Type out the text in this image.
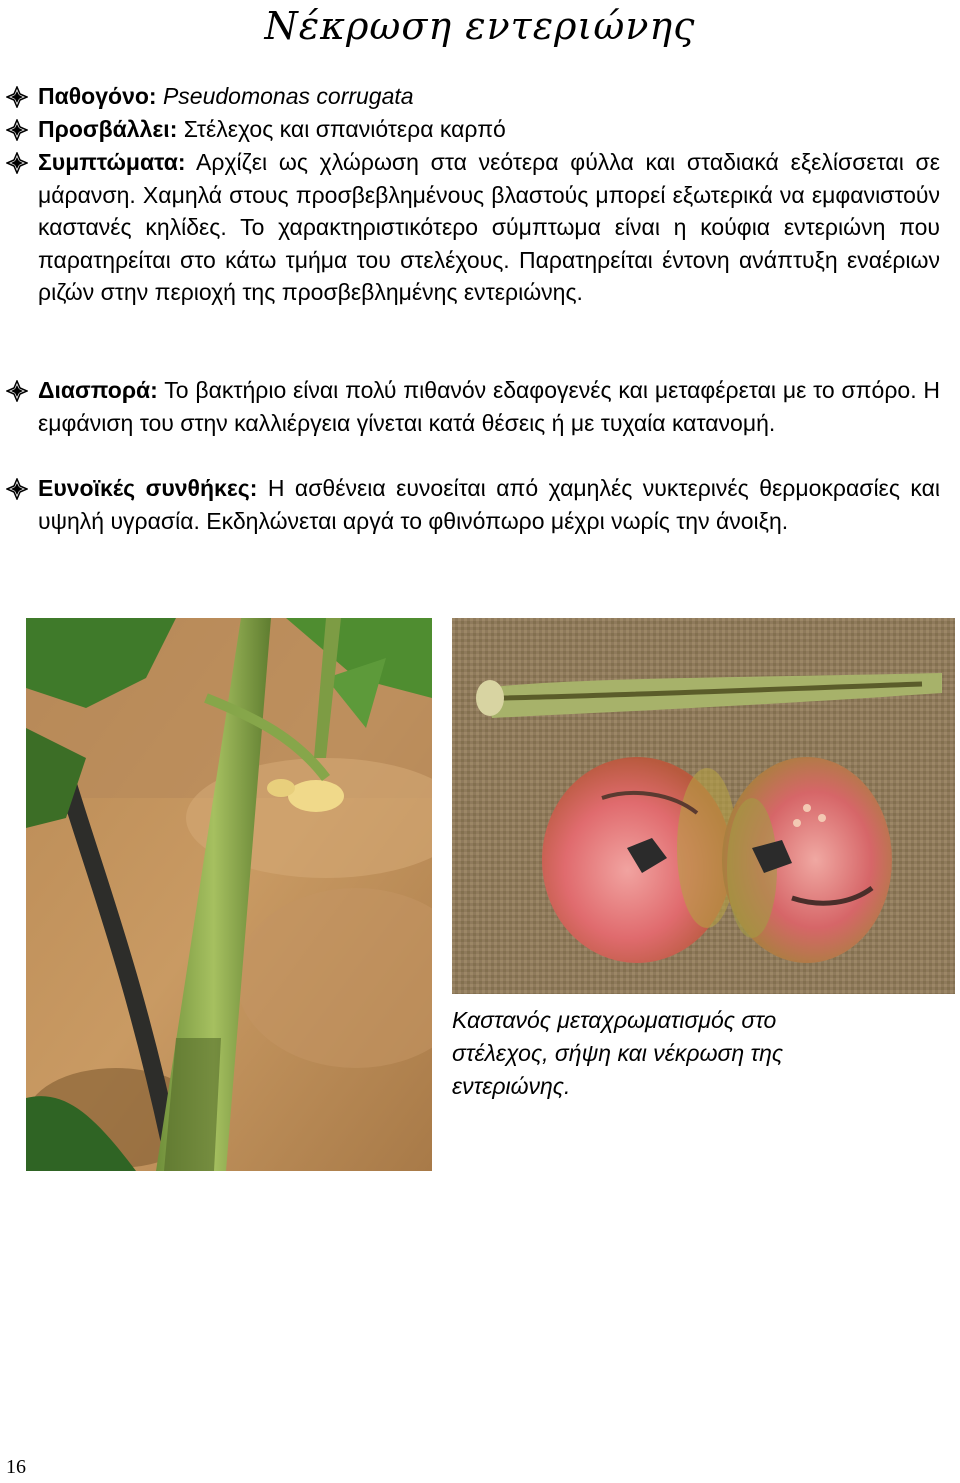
Νέκρωση εντεριώνης
Παθογόνο: Pseudomonas corrugata
Προσβάλλει: Στέλεχος και σπανιότερα καρπό
Συμπτώματα: Αρχίζει ως χλώρωση στα νεότερα φύλλα και σταδιακά εξελίσσεται σε μάρανση. Χαμηλά στους προσβεβλημένους βλαστούς μπορεί εξωτερικά να εμφανιστούν καστανές κηλίδες. Το χαρακτηριστικότερο σύμπτωμα είναι η κούφια εντεριώνη που παρατηρείται στο κάτω τμήμα του στελέχους. Παρατηρείται έντονη ανάπτυξη εναέριων ριζών στην περιοχή της προσβεβλημένης εντεριώνης.
Διασπορά: Το βακτήριο είναι πολύ πιθανόν εδαφογενές και μεταφέρεται με το σπόρο. Η εμφάνιση του στην καλλιέργεια γίνεται κατά θέσεις ή με τυχαία κατανομή.
Ευνοϊκές συνθήκες: Η ασθένεια ευνοείται από χαμηλές νυκτερινές θερμοκρασίες και υψηλή υγρασία. Εκδηλώνεται αργά το φθινόπωρο μέχρι νωρίς την άνοιξη.
Καστανός μεταχρωματισμός στο στέλεχος, σήψη και νέκρωση της εντεριώνης.
16
